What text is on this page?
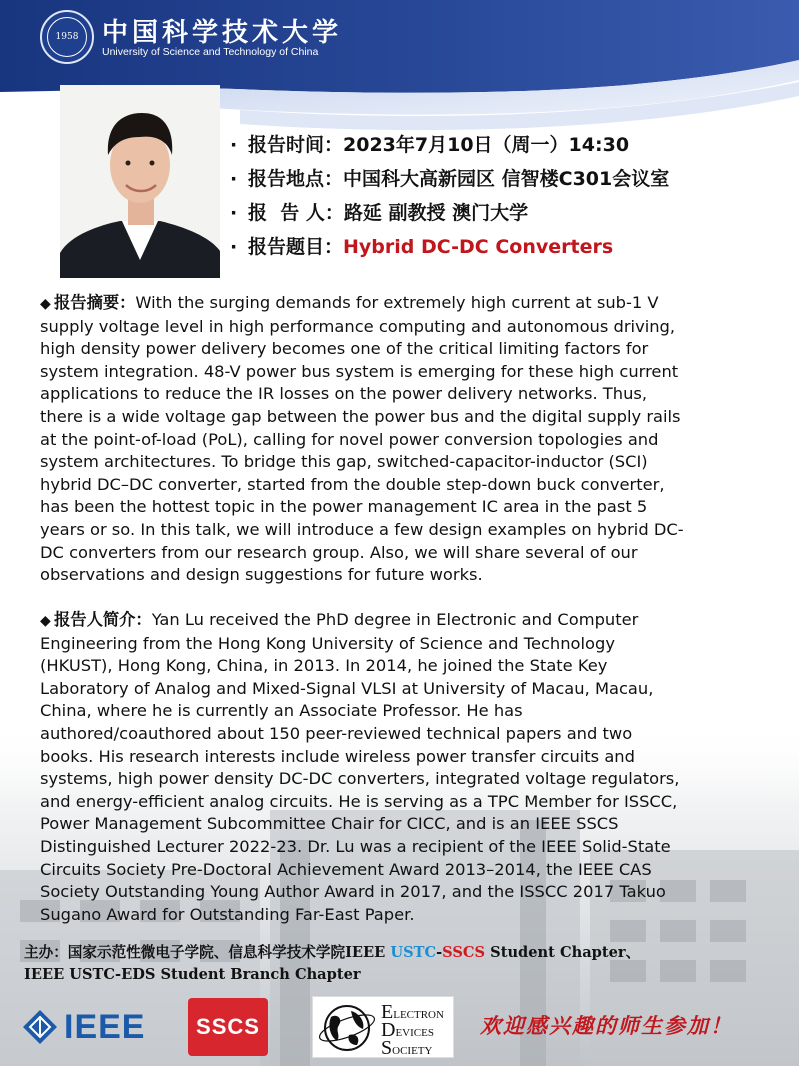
1958 中国科学技术大学
University of Science and Technology of China
· 报告时间：2023年7月10日（周一）14:30
· 报告地点：中国科大高新园区 信智楼C301会议室
· 报  告 人：路延 副教授 澳门大学
· 报告题目：Hybrid DC-DC Converters
◆ 报告摘要：With the surging demands for extremely high current at sub-1 V
supply voltage level in high performance computing and autonomous driving,
high density power delivery becomes one of the critical limiting factors for
system integration. 48-V power bus system is emerging for these high current
applications to reduce the IR losses on the power delivery networks. Thus,
there is a wide voltage gap between the power bus and the digital supply rails
at the point-of-load (PoL), calling for novel power conversion topologies and
system architectures. To bridge this gap, switched-capacitor-inductor (SCI)
hybrid DC–DC converter, started from the double step-down buck converter,
has been the hottest topic in the power management IC area in the past 5
years or so. In this talk, we will introduce a few design examples on hybrid DC-
DC converters from our research group. Also, we will share several of our
observations and design suggestions for future works.
◆ 报告人简介：Yan Lu received the PhD degree in Electronic and Computer
Engineering from the Hong Kong University of Science and Technology
(HKUST), Hong Kong, China, in 2013. In 2014, he joined the State Key
Laboratory of Analog and Mixed-Signal VLSI at University of Macau, Macau,
China, where he is currently an Associate Professor. He has
authored/coauthored about 150 peer-reviewed technical papers and two
books. His research interests include wireless power transfer circuits and
systems, high power density DC-DC converters, integrated voltage regulators,
and energy-efficient analog circuits. He is serving as a TPC Member for ISSCC,
Power Management Subcommittee Chair for CICC, and is an IEEE SSCS
Distinguished Lecturer 2022-23. Dr. Lu was a recipient of the IEEE Solid-State
Circuits Society Pre-Doctoral Achievement Award 2013–2014, the IEEE CAS
Society Outstanding Young Author Award in 2017, and the ISSCC 2017 Takuo
Sugano Award for Outstanding Far-East Paper.
主办：国家示范性微电子学院、信息科学技术学院IEEE USTC-SSCS Student Chapter、
IEEE USTC-EDS Student Branch Chapter
IEEE SSCS
ELECTRON
DEVICES
SOCIETY
欢迎感兴趣的师生参加！
